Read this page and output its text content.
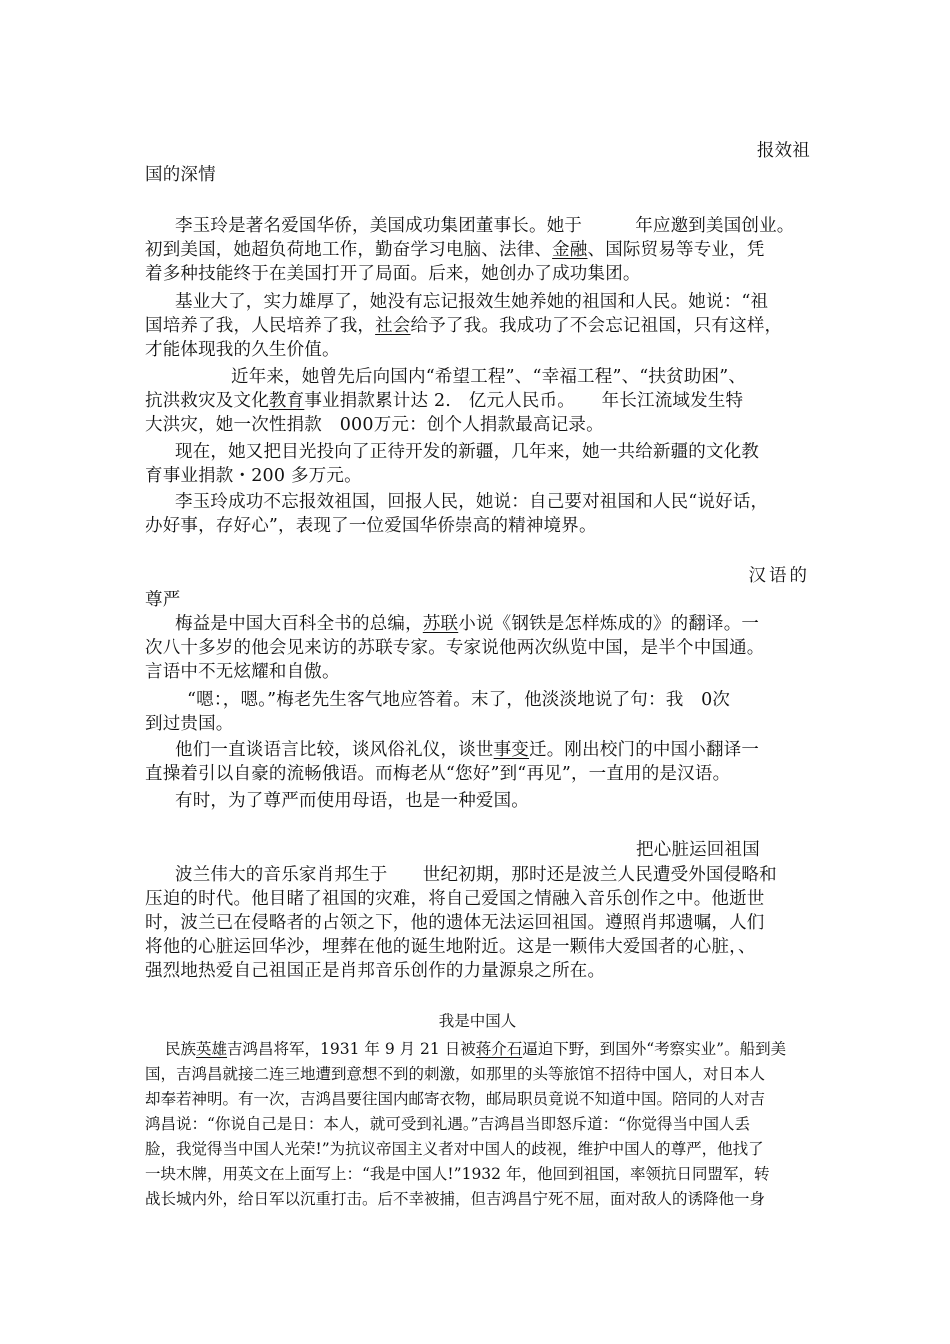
报效祖
国的深情
李玉玲是著名爱国华侨，美国成功集团董事长。她于　　　年应邀到美国创业。
初到美国，她超负荷地工作，勤奋学习电脑、法律、金融、国际贸易等专业，凭
着多种技能终于在美国打开了局面。后来，她创办了成功集团。
基业大了，实力雄厚了，她没有忘记报效生她养她的祖国和人民。她说：“祖
国培养了我，人民培养了我，社会给予了我。我成功了不会忘记祖国，只有这样，
才能体现我的久生价值。
近年来，她曾先后向国内“希望工程”、“幸福工程”、“扶贫助困”、
抗洪救灾及文化教育事业捐款累计达 2.　亿元人民币。　　年长江流域发生特
大洪灾，她一次性捐款　000万元：创个人捐款最高记录。
现在，她又把目光投向了正待开发的新疆，几年来，她一共给新疆的文化教
育事业捐款・200 多万元。
李玉玲成功不忘报效祖国，回报人民，她说：自己要对祖国和人民“说好话，
办好事，存好心”，表现了一位爱国华侨崇高的精神境界。
汉语的
尊严
梅益是中国大百科全书的总编，苏联小说《钢铁是怎样炼成的》的翻译。一
次八十多岁的他会见来访的苏联专家。专家说他两次纵览中国，是半个中国通。
言语中不无炫耀和自傲。
“嗯：，嗯。”梅老先生客气地应答着。末了，他淡淡地说了句：我　0次
到过贵国。
他们一直谈语言比较，谈风俗礼仪，谈世事变迁。刚出校门的中国小翻译一
直操着引以自豪的流畅俄语。而梅老从“您好”到“再见”，一直用的是汉语。
有时，为了尊严而使用母语，也是一种爱国。
把心脏运回祖国
波兰伟大的音乐家肖邦生于　　世纪初期，那时还是波兰人民遭受外国侵略和
压迫的时代。他目睹了祖国的灾难，将自己爱国之情融入音乐创作之中。他逝世
时，波兰已在侵略者的占领之下，他的遗体无法运回祖国。遵照肖邦遗嘱，人们
将他的心脏运回华沙，埋葬在他的诞生地附近。这是一颗伟大爱国者的心脏，、
强烈地热爱自己祖国正是肖邦音乐创作的力量源泉之所在。
我是中国人
民族英雄吉鸿昌将军，1931 年 9 月 21 日被蒋介石逼迫下野，到国外“考察实业”。船到美
国，吉鸿昌就接二连三地遭到意想不到的刺激，如那里的头等旅馆不招待中国人，对日本人
却奉若神明。有一次，吉鸿昌要往国内邮寄衣物，邮局职员竟说不知道中国。陪同的人对吉
鸿昌说：“你说自己是日：本人，就可受到礼遇。”吉鸿昌当即怒斥道：“你觉得当中国人丢
脸，我觉得当中国人光荣!”为抗议帝国主义者对中国人的歧视，维护中国人的尊严，他找了
一块木牌，用英文在上面写上：“我是中国人!”1932 年，他回到祖国，率领抗日同盟军，转
战长城内外，给日军以沉重打击。后不幸被捕，但吉鸿昌宁死不屈，面对敌人的诱降他一身
